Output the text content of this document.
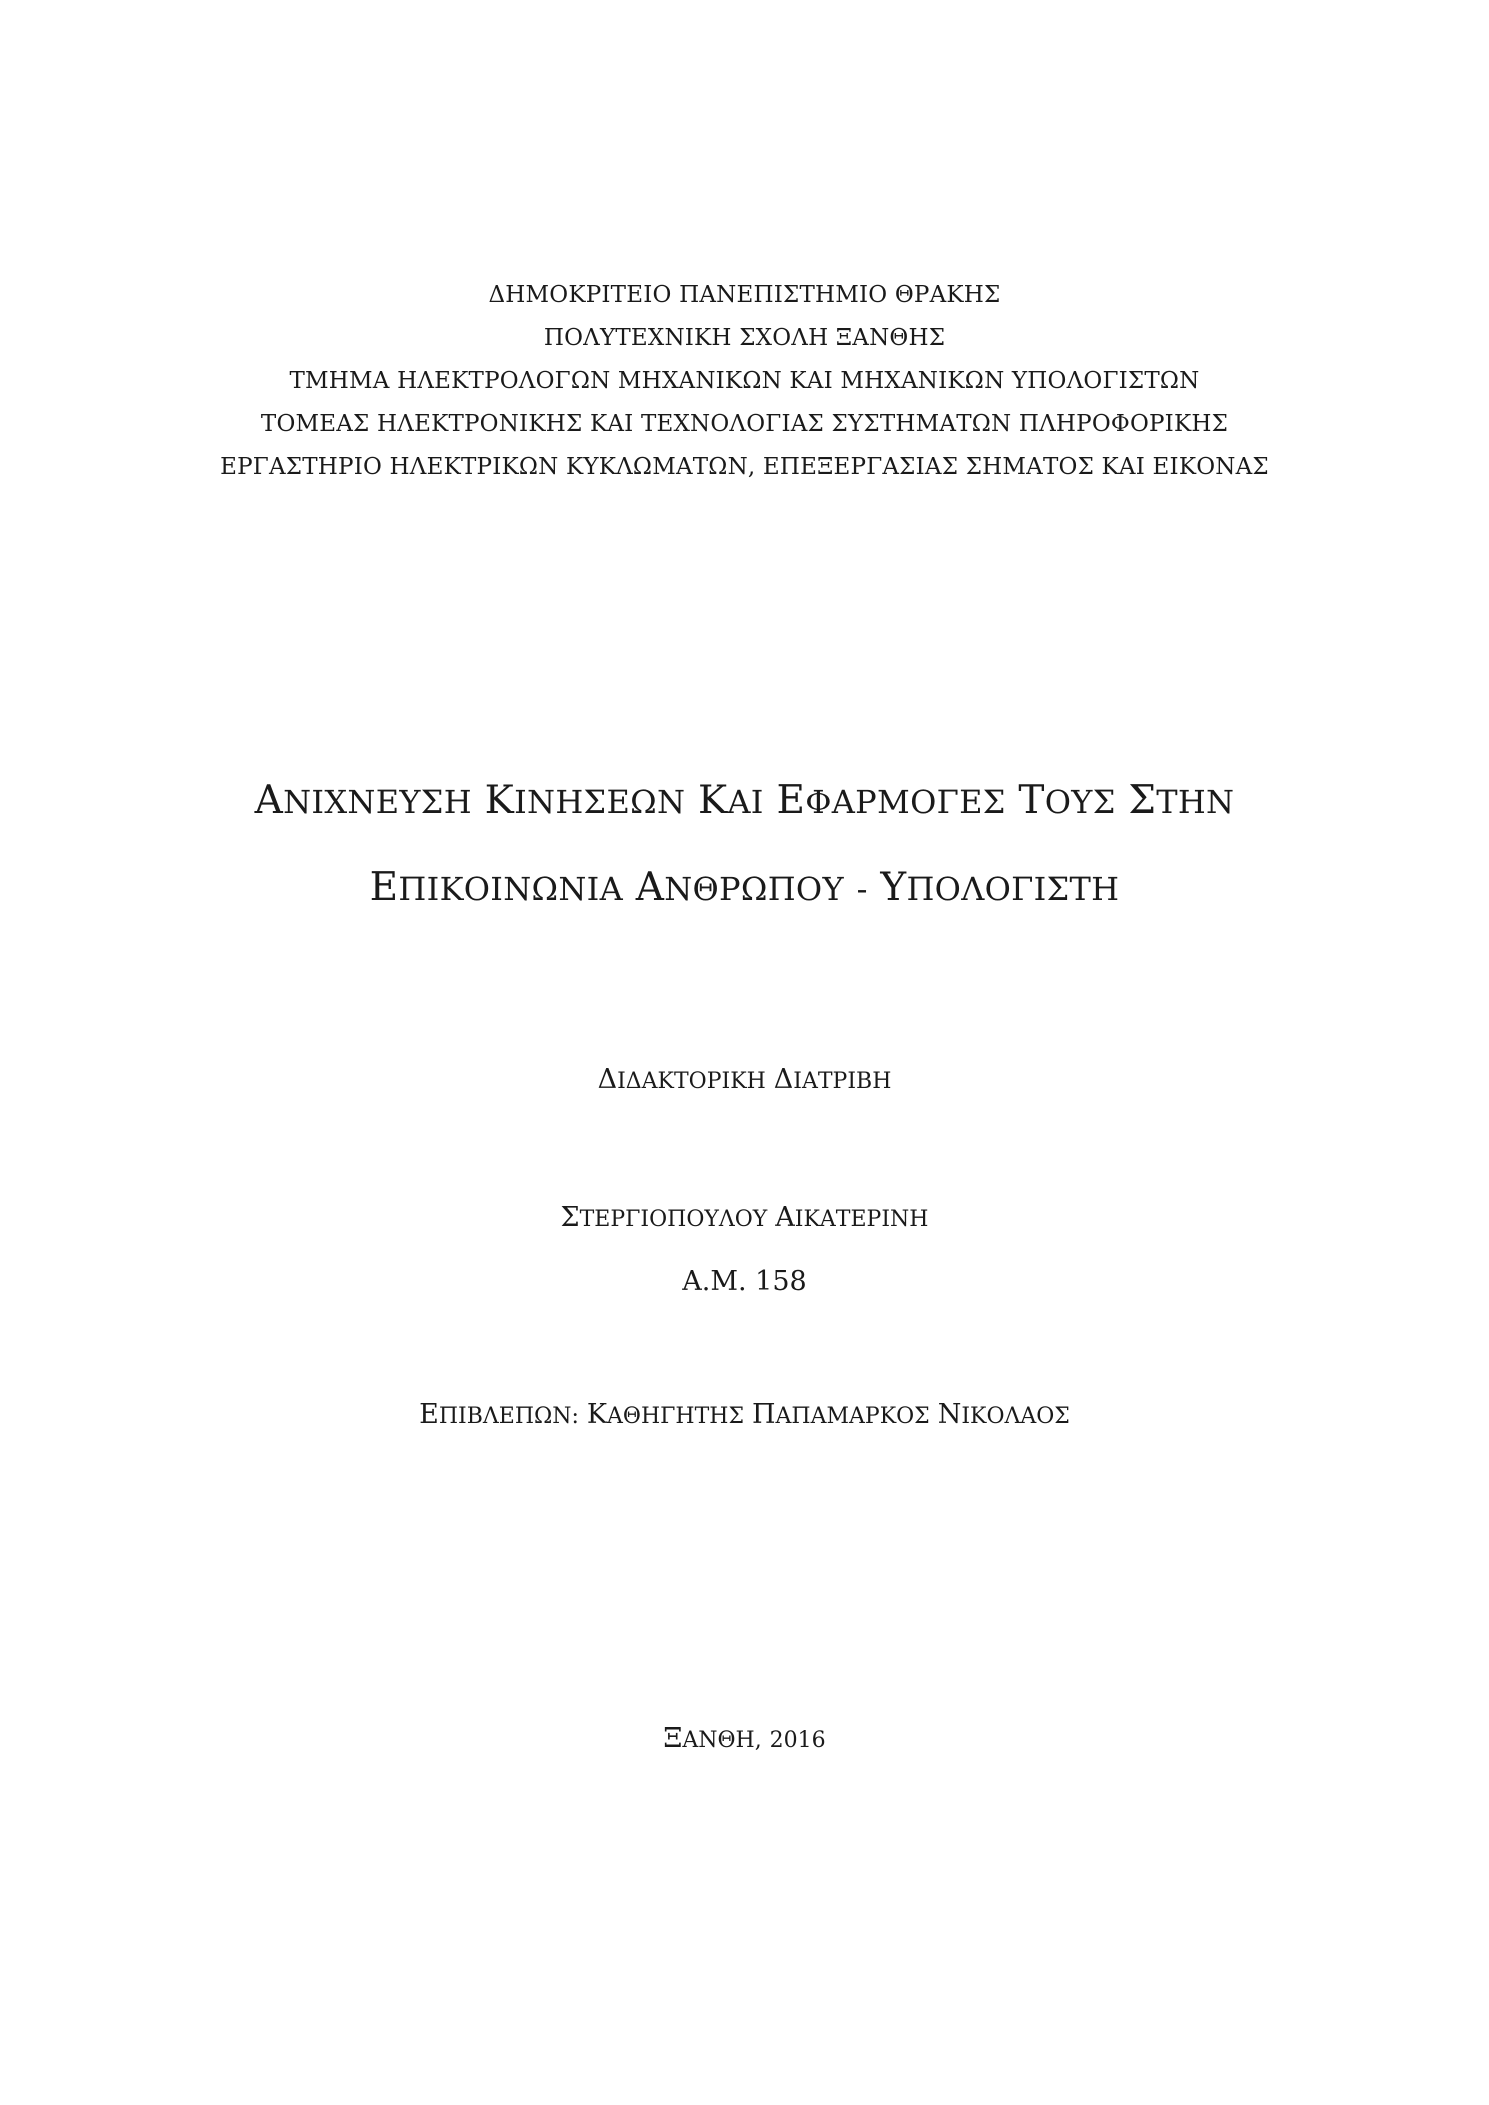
ΔΗΜΟΚΡΙΤΕΙΟ ΠΑΝΕΠΙΣΤΗΜΙΟ ΘΡΑΚΗΣ
ΠΟΛΥΤΕΧΝΙΚΗ ΣΧΟΛΗ ΞΑΝΘΗΣ
ΤΜΗΜΑ ΗΛΕΚΤΡΟΛΟΓΩΝ ΜΗΧΑΝΙΚΩΝ ΚΑΙ ΜΗΧΑΝΙΚΩΝ ΥΠΟΛΟΓΙΣΤΩΝ
ΤΟΜΕΑΣ ΗΛΕΚΤΡΟΝΙΚΗΣ ΚΑΙ ΤΕΧΝΟΛΟΓΙΑΣ ΣΥΣΤΗΜΑΤΩΝ ΠΛΗΡΟΦΟΡΙΚΗΣ
ΕΡΓΑΣΤΗΡΙΟ ΗΛΕΚΤΡΙΚΩΝ ΚΥΚΛΩΜΑΤΩΝ, ΕΠΕΞΕΡΓΑΣΙΑΣ ΣΗΜΑΤΟΣ ΚΑΙ ΕΙΚΟΝΑΣ
ΑΝΙΧΝΕΥΣΗ ΚΙΝΗΣΕΩΝ ΚΑΙ ΕΦΑΡΜΟΓΕΣ ΤΟΥΣ ΣΤΗΝ
ΕΠΙΚΟΙΝΩΝΙΑ ΑΝΘΡΩΠΟΥ - ΥΠΟΛΟΓΙΣΤΗ
ΔΙΔΑΚΤΟΡΙΚΗ ΔΙΑΤΡΙΒΗ
ΣΤΕΡΓΙΟΠΟΥΛΟΥ ΑΙΚΑΤΕΡΙΝΗ
Α.Μ. 158
ΕΠΙΒΛΕΠΩΝ: ΚΑΘΗΓΗΤΗΣ ΠΑΠΑΜΑΡΚΟΣ ΝΙΚΟΛΑΟΣ
ΞΑΝΘΗ, 2016
